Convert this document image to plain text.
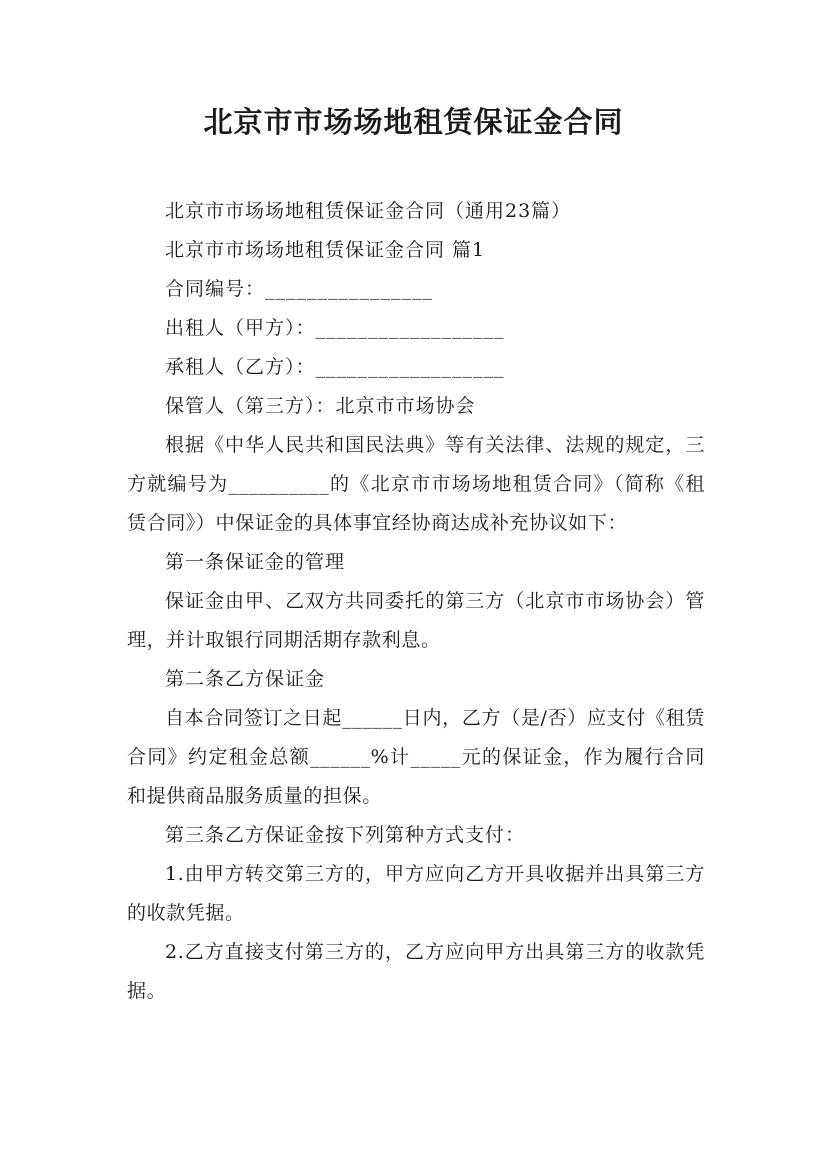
北京市市场场地租赁保证金合同

北京市市场场地租赁保证金合同（通用23篇）

北京市市场场地租赁保证金合同 篇1

合同编号：________________

出租人（甲方）：__________________

承租人（乙方）：__________________

保管人（第三方）：北京市市场协会

根据《中华人民共和国民法典》等有关法律、法规的规定，三方就编号为__________的《北京市市场场地租赁合同》（简称《租赁合同》）中保证金的具体事宜经协商达成补充协议如下：

第一条保证金的管理

保证金由甲、乙双方共同委托的第三方（北京市市场协会）管理，并计取银行同期活期存款利息。

第二条乙方保证金

自本合同签订之日起______日内，乙方（是/否）应支付《租赁合同》约定租金总额______%计_____元的保证金，作为履行合同和提供商品服务质量的担保。

第三条乙方保证金按下列第种方式支付：

1.由甲方转交第三方的，甲方应向乙方开具收据并出具第三方的收款凭据。

2.乙方直接支付第三方的，乙方应向甲方出具第三方的收款凭据。
